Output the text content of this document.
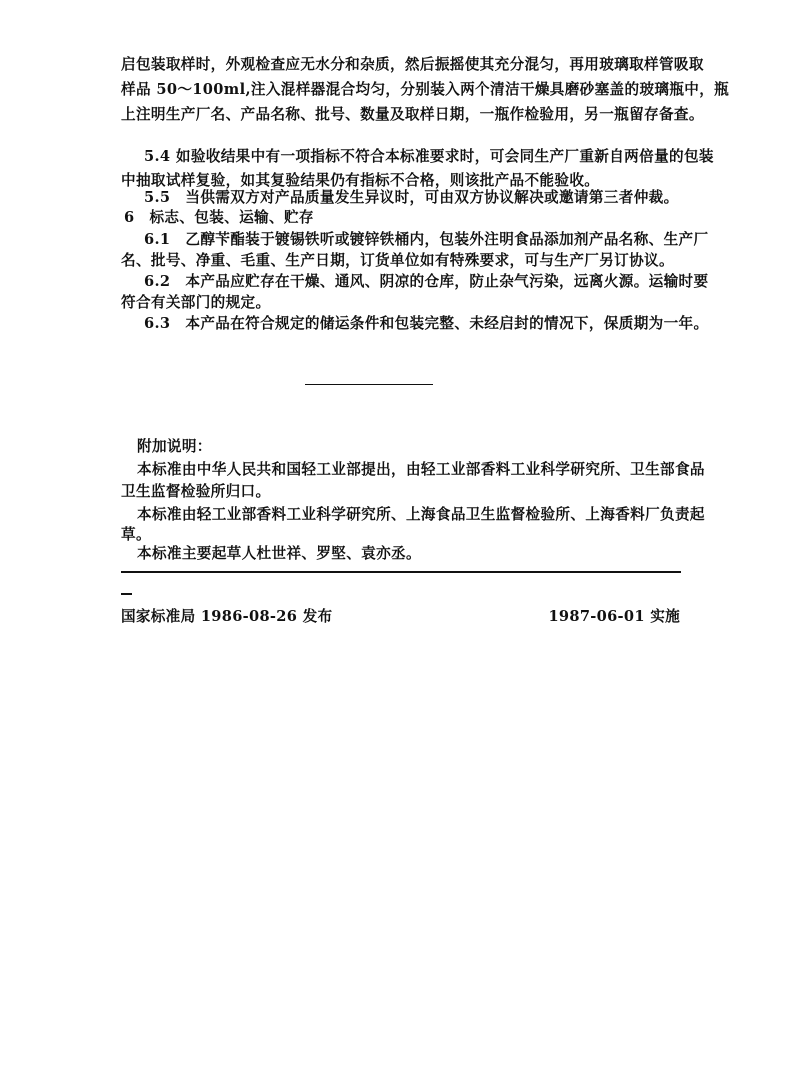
启包装取样时，外观检查应无水分和杂质，然后振摇使其充分混匀，再用玻璃取样管吸取
样品 50～100ml,注入混样器混合均匀，分别装入两个清洁干燥具磨砂塞盖的玻璃瓶中，瓶
上注明生产厂名、产品名称、批号、数量及取样日期，一瓶作检验用，另一瓶留存备查。
5.4 如验收结果中有一项指标不符合本标准要求时，可会同生产厂重新自两倍量的包装
中抽取试样复验，如其复验结果仍有指标不合格，则该批产品不能验收。
5.5　当供需双方对产品质量发生异议时，可由双方协议解决或邀请第三者仲裁。
6　标志、包装、运输、贮存
6.1　乙醇苄酯装于镀锡铁听或镀锌铁桶内，包装外注明食品添加剂产品名称、生产厂
名、批号、净重、毛重、生产日期，订货单位如有特殊要求，可与生产厂另订协议。
6.2　本产品应贮存在干燥、通风、阴凉的仓库，防止杂气污染，远离火源。运输时要
符合有关部门的规定。
6.3　本产品在符合规定的储运条件和包装完整、未经启封的情况下，保质期为一年。
附加说明：
本标准由中华人民共和国轻工业部提出，由轻工业部香料工业科学研究所、卫生部食品
卫生监督检验所归口。
本标准由轻工业部香料工业科学研究所、上海食品卫生监督检验所、上海香料厂负责起
草。
本标准主要起草人杜世祥、罗堅、袁亦丞。
国家标准局 1986-08-26 发布	1987-06-01 实施
